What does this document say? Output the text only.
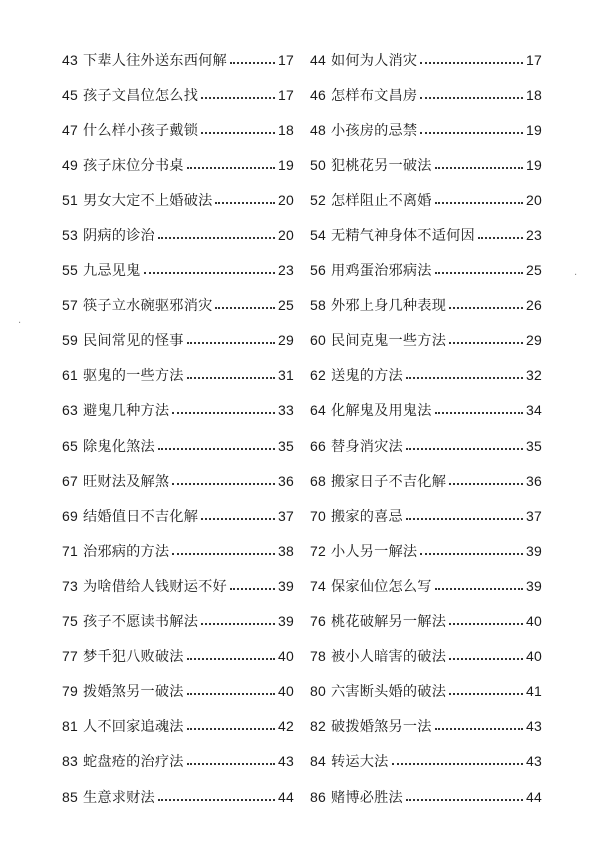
43 下辈人往外送东西何解	17 44 如何为人消灾	17
45 孩子文昌位怎么找	17 46 怎样布文昌房	18
47 什么样小孩子戴锁	18 48 小孩房的忌禁	19
49 孩子床位分书桌	19 50 犯桃花另一破法	19
51 男女大定不上婚破法	20 52 怎样阻止不离婚	20
53 阴病的诊治	20 54 无精气神身体不适何因	23
55 九忌见鬼	23 56 用鸡蛋治邪病法	25
57 筷子立水碗驱邪消灾	25 58 外邪上身几种表现	26
59 民间常见的怪事	29 60 民间克鬼一些方法	29
61 驱鬼的一些方法	31 62 送鬼的方法	32
63 避鬼几种方法	33 64 化解鬼及用鬼法	34
65 除鬼化煞法	35 66 替身消灾法	35
67 旺财法及解煞	36 68 搬家日子不吉化解	36
69 结婚值日不吉化解	37 70 搬家的喜忌	37
71 治邪病的方法	38 72 小人另一解法	39
73 为啥借给人钱财运不好	39 74 保家仙位怎么写	39
75 孩子不愿读书解法	39 76 桃花破解另一解法	40
77 梦千犯八败破法	40 78 被小人暗害的破法	40
79 拨婚煞另一破法	40 80 六害断头婚的破法	41
81 人不回家追魂法	42 82 破拨婚煞另一法	43
83 蛇盘疮的治疗法	43 84 转运大法	43
85 生意求财法	44 86 赌博必胜法	44
·
·
